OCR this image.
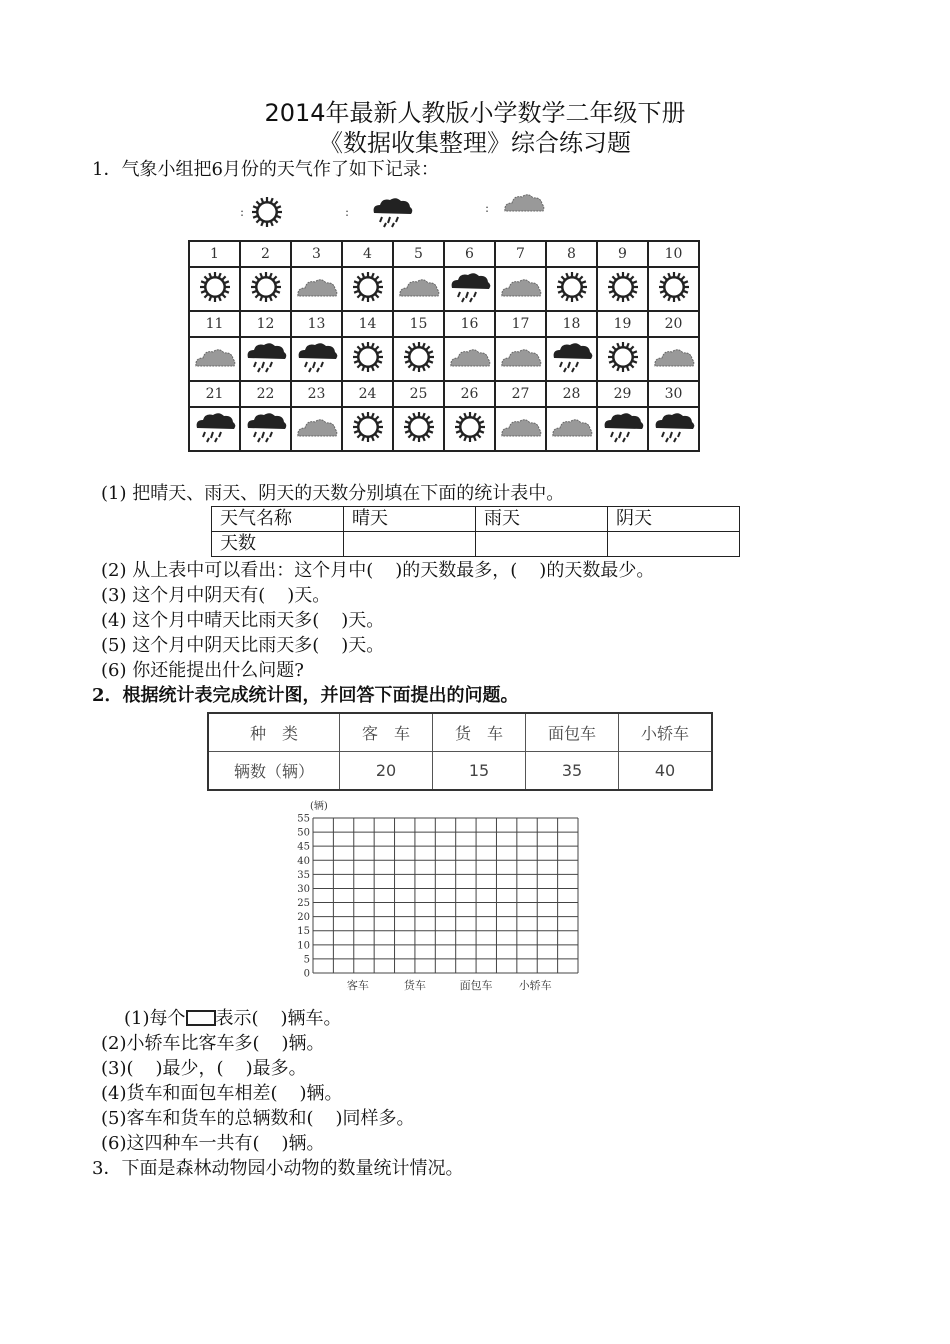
2014年最新人教版小学数学二年级下册
《数据收集整理》综合练习题
1．气象小组把6月份的天气作了如下记录：
:	:	:
1	2	3	4	5	6	7	8	9	10

11	12	13	14	15	16	17	18	19	20

21	22	23	24	25	26	27	28	29	30

(1) 把晴天、雨天、阴天的天数分别填在下面的统计表中。
天气名称	晴天	雨天	阴天
天数			
(2) 从上表中可以看出：这个月中( )的天数最多，( )的天数最少。
(3) 这个月中阴天有( )天。
(4) 这个月中晴天比雨天多( )天。
(5) 这个月中阴天比雨天多( )天。
(6) 你还能提出什么问题?
2．根据统计表完成统计图，并回答下面提出的问题。
种　类	客　车	货　车	面包车	小轿车
辆数（辆）	20	15	35	40
(辆)
0
5
10
15
20
25
30
35
40
45
50
55
客车	货车	面包车 小轿车
(1)每个 表示( )辆车。
(2)小轿车比客车多( )辆。
(3)( )最少，( )最多。
(4)货车和面包车相差( )辆。
(5)客车和货车的总辆数和( )同样多。
(6)这四种车一共有( )辆。
3．下面是森林动物园小动物的数量统计情况。
